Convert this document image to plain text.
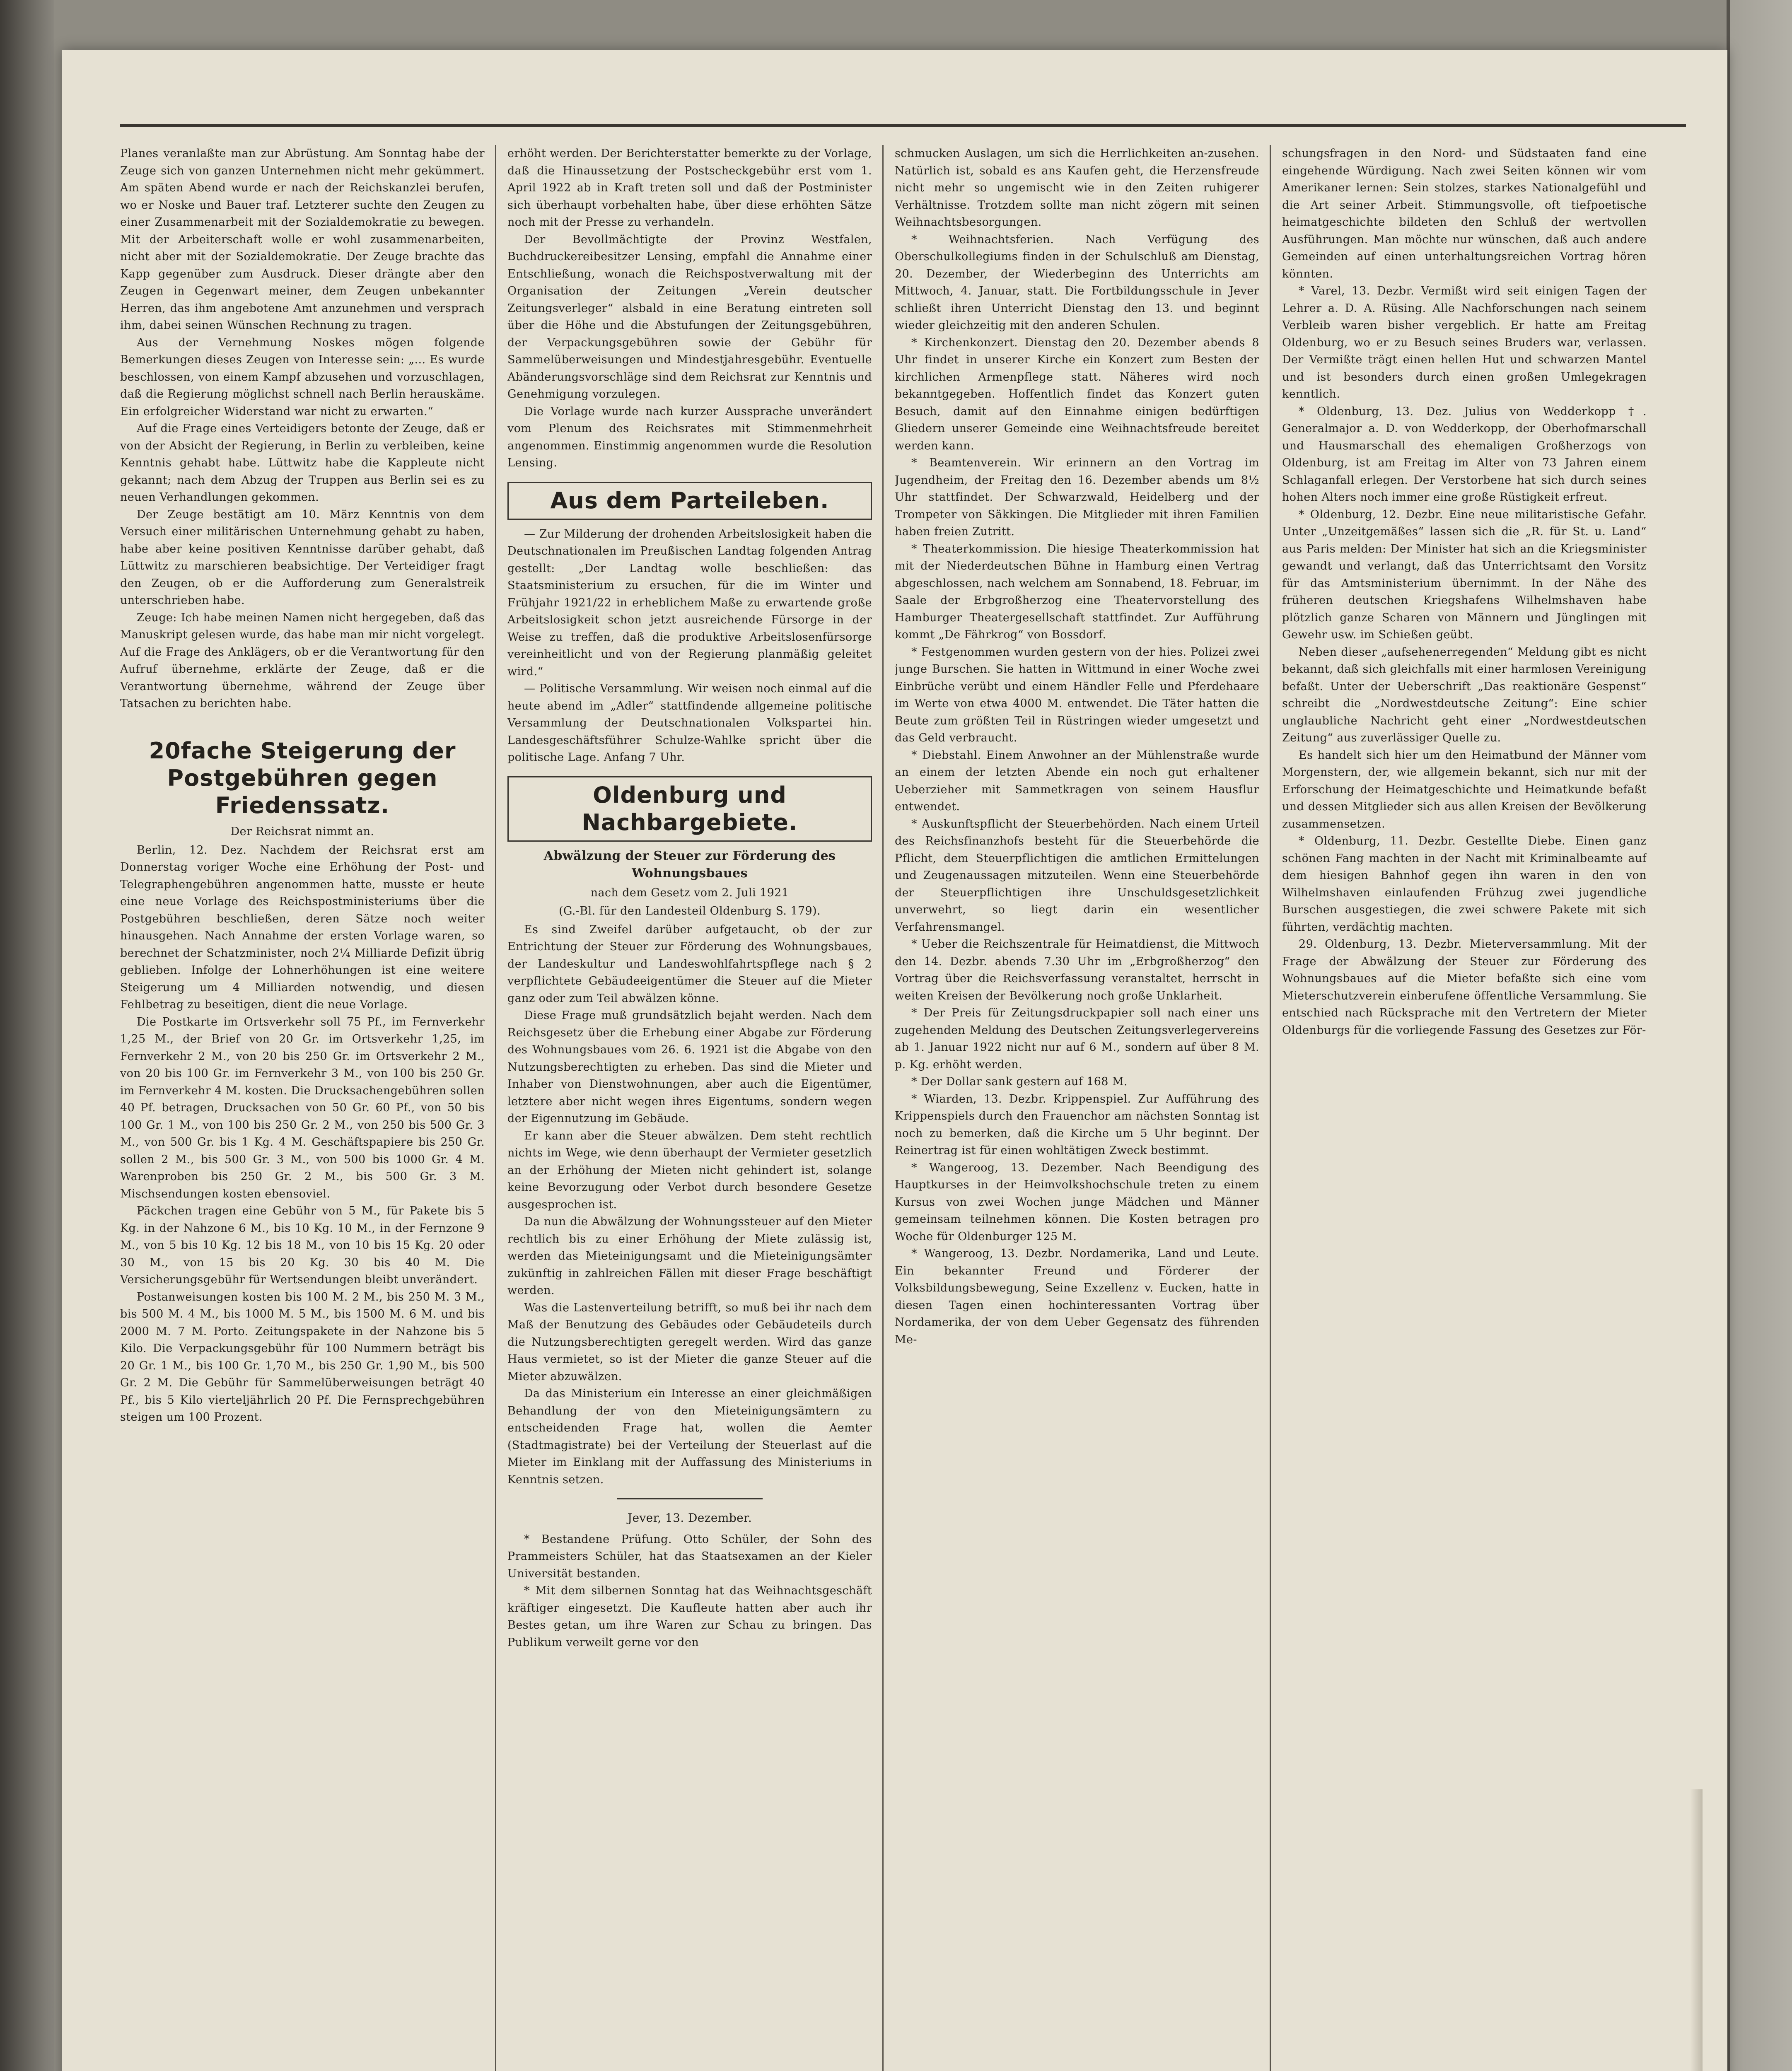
Planes veranlaßte man zur Abrüstung. Am Sonntag habe der Zeuge sich von ganzen Unternehmen nicht mehr gekümmert. Am späten Abend wurde er nach der Reichskanzlei berufen, wo er Noske und Bauer traf. Letzterer suchte den Zeugen zu einer Zusammenarbeit mit der Sozialdemokratie zu bewegen. Mit der Arbeiterschaft wolle er wohl zusammenarbeiten, nicht aber mit der Sozialdemokratie. Der Zeuge brachte das Kapp gegenüber zum Ausdruck. Dieser drängte aber den Zeugen in Gegenwart meiner, dem Zeugen unbekannter Herren, das ihm angebotene Amt anzunehmen und versprach ihm, dabei seinen Wünschen Rechnung zu tragen.

Aus der Vernehmung Noskes mögen folgende Bemerkungen dieses Zeugen von Interesse sein: „... Es wurde beschlossen, von einem Kampf abzusehen und vorzuschlagen, daß die Regierung möglichst schnell nach Berlin herauskäme. Ein erfolgreicher Widerstand war nicht zu erwarten.“

Auf die Frage eines Verteidigers betonte der Zeuge, daß er von der Absicht der Regierung, in Berlin zu verbleiben, keine Kenntnis gehabt habe. Lüttwitz habe die Kappleute nicht gekannt; nach dem Abzug der Truppen aus Berlin sei es zu neuen Verhandlungen gekommen.

Der Zeuge bestätigt am 10. März Kenntnis von dem Versuch einer militärischen Unternehmung gehabt zu haben, habe aber keine positiven Kenntnisse darüber gehabt, daß Lüttwitz zu marschieren beabsichtige. Der Verteidiger fragt den Zeugen, ob er die Aufforderung zum Generalstreik unterschrieben habe.

Zeuge: Ich habe meinen Namen nicht hergegeben, daß das Manuskript gelesen wurde, das habe man mir nicht vorgelegt. Auf die Frage des Anklägers, ob er die Verantwortung für den Aufruf übernehme, erklärte der Zeuge, daß er die Verantwortung übernehme, während der Zeuge über Tatsachen zu berichten habe.

20fache Steigerung der Postgebühren gegen Friedenssatz.
Der Reichsrat nimmt an.

Berlin, 12. Dez. Nachdem der Reichsrat erst am Donnerstag voriger Woche eine Erhöhung der Post- und Telegraphengebühren angenommen hatte, musste er heute eine neue Vorlage des Reichspostministeriums über die Postgebühren beschließen, deren Sätze noch weiter hinausgehen. Nach Annahme der ersten Vorlage waren, so berechnet der Schatzminister, noch 2¼ Milliarde Defizit übrig geblieben. Infolge der Lohnerhöhungen ist eine weitere Steigerung um 4 Milliarden notwendig, und diesen Fehlbetrag zu beseitigen, dient die neue Vorlage.

Die Postkarte im Ortsverkehr soll 75 Pf., im Fernverkehr 1,25 M., der Brief von 20 Gr. im Ortsverkehr 1,25, im Fernverkehr 2 M., von 20 bis 250 Gr. im Ortsverkehr 2 M., von 20 bis 100 Gr. im Fernverkehr 3 M., von 100 bis 250 Gr. im Fernverkehr 4 M. kosten. Die Drucksachengebühren sollen 40 Pf. betragen, Drucksachen von 50 Gr. 60 Pf., von 50 bis 100 Gr. 1 M., von 100 bis 250 Gr. 2 M., von 250 bis 500 Gr. 3 M., von 500 Gr. bis 1 Kg. 4 M. Geschäftspapiere bis 250 Gr. sollen 2 M., bis 500 Gr. 3 M., von 500 bis 1000 Gr. 4 M. Warenproben bis 250 Gr. 2 M., bis 500 Gr. 3 M. Mischsendungen kosten ebensoviel.

Päckchen tragen eine Gebühr von 5 M., für Pakete bis 5 Kg. in der Nahzone 6 M., bis 10 Kg. 10 M., in der Fernzone 9 M., von 5 bis 10 Kg. 12 bis 18 M., von 10 bis 15 Kg. 20 oder 30 M., von 15 bis 20 Kg. 30 bis 40 M. Die Versicherungsgebühr für Wertsendungen bleibt unverändert.

Postanweisungen kosten bis 100 M. 2 M., bis 250 M. 3 M., bis 500 M. 4 M., bis 1000 M. 5 M., bis 1500 M. 6 M. und bis 2000 M. 7 M. Porto. Zeitungspakete in der Nahzone bis 5 Kilo. Die Verpackungsgebühr für 100 Nummern beträgt bis 20 Gr. 1 M., bis 100 Gr. 1,70 M., bis 250 Gr. 1,90 M., bis 500 Gr. 2 M. Die Gebühr für Sammelüberweisungen beträgt 40 Pf., bis 5 Kilo vierteljährlich 20 Pf. Die Fernsprechgebühren steigen um 100 Prozent.

erhöht werden. Der Berichterstatter bemerkte zu der Vorlage, daß die Hinaussetzung der Postscheckgebühr erst vom 1. April 1922 ab in Kraft treten soll und daß der Postminister sich überhaupt vorbehalten habe, über diese erhöhten Sätze noch mit der Presse zu verhandeln.

Der Bevollmächtigte der Provinz Westfalen, Buchdruckereibesitzer Lensing, empfahl die Annahme einer Entschließung, wonach die Reichspostverwaltung mit der Organisation der Zeitungen „Verein deutscher Zeitungsverleger“ alsbald in eine Beratung eintreten soll über die Höhe und die Abstufungen der Zeitungsgebühren, der Verpackungsgebühren sowie der Gebühr für Sammelüberweisungen und Mindestjahresgebühr. Eventuelle Abänderungsvorschläge sind dem Reichsrat zur Kenntnis und Genehmigung vorzulegen.

Die Vorlage wurde nach kurzer Aussprache unverändert vom Plenum des Reichsrates mit Stimmenmehrheit angenommen. Einstimmig angenommen wurde die Resolution Lensing.

Aus dem Parteileben.

— Zur Milderung der drohenden Arbeitslosigkeit haben die Deutschnationalen im Preußischen Landtag folgenden Antrag gestellt: „Der Landtag wolle beschließen: das Staatsministerium zu ersuchen, für die im Winter und Frühjahr 1921/22 in erheblichem Maße zu erwartende große Arbeitslosigkeit schon jetzt ausreichende Fürsorge in der Weise zu treffen, daß die produktive Arbeitslosenfürsorge vereinheitlicht und von der Regierung planmäßig geleitet wird.“

— Politische Versammlung. Wir weisen noch einmal auf die heute abend im „Adler“ stattfindende allgemeine politische Versammlung der Deutschnationalen Volkspartei hin. Landesgeschäftsführer Schulze-Wahlke spricht über die politische Lage. Anfang 7 Uhr.

Oldenburg und Nachbargebiete.
Abwälzung der Steuer zur Förderung des Wohnungsbaues
nach dem Gesetz vom 2. Juli 1921
(G.-Bl. für den Landesteil Oldenburg S. 179).

Es sind Zweifel darüber aufgetaucht, ob der zur Entrichtung der Steuer zur Förderung des Wohnungsbaues, der Landeskultur und Landeswohlfahrtspflege nach § 2 verpflichtete Gebäudeeigentümer die Steuer auf die Mieter ganz oder zum Teil abwälzen könne.

Diese Frage muß grundsätzlich bejaht werden. Nach dem Reichsgesetz über die Erhebung einer Abgabe zur Förderung des Wohnungsbaues vom 26. 6. 1921 ist die Abgabe von den Nutzungsberechtigten zu erheben. Das sind die Mieter und Inhaber von Dienstwohnungen, aber auch die Eigentümer, letztere aber nicht wegen ihres Eigentums, sondern wegen der Eigennutzung im Gebäude.

Er kann aber die Steuer abwälzen. Dem steht rechtlich nichts im Wege, wie denn überhaupt der Vermieter gesetzlich an der Erhöhung der Mieten nicht gehindert ist, solange keine Bevorzugung oder Verbot durch besondere Gesetze ausgesprochen ist.

Da nun die Abwälzung der Wohnungssteuer auf den Mieter rechtlich bis zu einer Erhöhung der Miete zulässig ist, werden das Mieteinigungsamt und die Mieteinigungsämter zukünftig in zahlreichen Fällen mit dieser Frage beschäftigt werden.

Was die Lastenverteilung betrifft, so muß bei ihr nach dem Maß der Benutzung des Gebäudes oder Gebäudeteils durch die Nutzungsberechtigten geregelt werden. Wird das ganze Haus vermietet, so ist der Mieter die ganze Steuer auf die Mieter abzuwälzen.

Da das Ministerium ein Interesse an einer gleichmäßigen Behandlung der von den Mieteinigungsämtern zu entscheidenden Frage hat, wollen die Aemter (Stadtmagistrate) bei der Verteilung der Steuerlast auf die Mieter im Einklang mit der Auffassung des Ministeriums in Kenntnis setzen.

Jever, 13. Dezember.

* Bestandene Prüfung. Otto Schüler, der Sohn des Prammeisters Schüler, hat das Staatsexamen an der Kieler Universität bestanden.

* Mit dem silbernen Sonntag hat das Weihnachtsgeschäft kräftiger eingesetzt. Die Kaufleute hatten aber auch ihr Bestes getan, um ihre Waren zur Schau zu bringen. Das Publikum verweilt gerne vor den

schmucken Auslagen, um sich die Herrlichkeiten an-zusehen. Natürlich ist, sobald es ans Kaufen geht, die Herzensfreude nicht mehr so ungemischt wie in den Zeiten ruhigerer Verhältnisse. Trotzdem sollte man nicht zögern mit seinen Weihnachtsbesorgungen.

* Weihnachtsferien. Nach Verfügung des Oberschulkollegiums finden in der Schulschluß am Dienstag, 20. Dezember, der Wiederbeginn des Unterrichts am Mittwoch, 4. Januar, statt. Die Fortbildungsschule in Jever schließt ihren Unterricht Dienstag den 13. und beginnt wieder gleichzeitig mit den anderen Schulen.

* Kirchenkonzert. Dienstag den 20. Dezember abends 8 Uhr findet in unserer Kirche ein Konzert zum Besten der kirchlichen Armenpflege statt. Näheres wird noch bekanntgegeben. Hoffentlich findet das Konzert guten Besuch, damit auf den Einnahme einigen bedürftigen Gliedern unserer Gemeinde eine Weihnachtsfreude bereitet werden kann.

* Beamtenverein. Wir erinnern an den Vortrag im Jugendheim, der Freitag den 16. Dezember abends um 8½ Uhr stattfindet. Der Schwarzwald, Heidelberg und der Trompeter von Säkkingen. Die Mitglieder mit ihren Familien haben freien Zutritt.

* Theaterkommission. Die hiesige Theaterkommission hat mit der Niederdeutschen Bühne in Hamburg einen Vertrag abgeschlossen, nach welchem am Sonnabend, 18. Februar, im Saale der Erbgroßherzog eine Theatervorstellung des Hamburger Theatergesellschaft stattfindet. Zur Aufführung kommt „De Fährkrog“ von Bossdorf.

* Festgenommen wurden gestern von der hies. Polizei zwei junge Burschen. Sie hatten in Wittmund in einer Woche zwei Einbrüche verübt und einem Händler Felle und Pferdehaare im Werte von etwa 4000 M. entwendet. Die Täter hatten die Beute zum größten Teil in Rüstringen wieder umgesetzt und das Geld verbraucht.

* Diebstahl. Einem Anwohner an der Mühlenstraße wurde an einem der letzten Abende ein noch gut erhaltener Ueberzieher mit Sammetkragen von seinem Hausflur entwendet.

* Auskunftspflicht der Steuerbehörden. Nach einem Urteil des Reichsfinanzhofs besteht für die Steuerbehörde die Pflicht, dem Steuerpflichtigen die amtlichen Ermittelungen und Zeugenaussagen mitzuteilen. Wenn eine Steuerbehörde der Steuerpflichtigen ihre Unschuldsgesetzlichkeit unverwehrt, so liegt darin ein wesentlicher Verfahrensmangel.

* Ueber die Reichszentrale für Heimatdienst, die Mittwoch den 14. Dezbr. abends 7.30 Uhr im „Erbgroßherzog“ den Vortrag über die Reichsverfassung veranstaltet, herrscht in weiten Kreisen der Bevölkerung noch große Unklarheit.

* Der Preis für Zeitungsdruckpapier soll nach einer uns zugehenden Meldung des Deutschen Zeitungsverlegervereins ab 1. Januar 1922 nicht nur auf 6 M., sondern auf über 8 M. p. Kg. erhöht werden.

* Der Dollar sank gestern auf 168 M.

* Wiarden, 13. Dezbr. Krippenspiel. Zur Aufführung des Krippenspiels durch den Frauenchor am nächsten Sonntag ist noch zu bemerken, daß die Kirche um 5 Uhr beginnt. Der Reinertrag ist für einen wohltätigen Zweck bestimmt.

* Wangeroog, 13. Dezember. Nach Beendigung des Hauptkurses in der Heimvolkshochschule treten zu einem Kursus von zwei Wochen junge Mädchen und Männer gemeinsam teilnehmen können. Die Kosten betragen pro Woche für Oldenburger 125 M.

* Wangeroog, 13. Dezbr. Nordamerika, Land und Leute. Ein bekannter Freund und Förderer der Volksbildungsbewegung, Seine Exzellenz v. Eucken, hatte in diesen Tagen einen hochinteressanten Vortrag über Nordamerika, der von dem Ueber Gegensatz des führenden Me-

schungsfragen in den Nord- und Südstaaten fand eine eingehende Würdigung. Nach zwei Seiten können wir vom Amerikaner lernen: Sein stolzes, starkes Nationalgefühl und die Art seiner Arbeit. Stimmungsvolle, oft tiefpoetische heimatgeschichte bildeten den Schluß der wertvollen Ausführungen. Man möchte nur wünschen, daß auch andere Gemeinden auf einen unterhaltungsreichen Vortrag hören könnten.

* Varel, 13. Dezbr. Vermißt wird seit einigen Tagen der Lehrer a. D. A. Rüsing. Alle Nachforschungen nach seinem Verbleib waren bisher vergeblich. Er hatte am Freitag Oldenburg, wo er zu Besuch seines Bruders war, verlassen. Der Vermißte trägt einen hellen Hut und schwarzen Mantel und ist besonders durch einen großen Umlegekragen kenntlich.

* Oldenburg, 13. Dez. Julius von Wedderkopp †. Generalmajor a. D. von Wedderkopp, der Oberhofmarschall und Hausmarschall des ehemaligen Großherzogs von Oldenburg, ist am Freitag im Alter von 73 Jahren einem Schlaganfall erlegen. Der Verstorbene hat sich durch seines hohen Alters noch immer eine große Rüstigkeit erfreut.

* Oldenburg, 12. Dezbr. Eine neue militaristische Gefahr. Unter „Unzeitgemäßes“ lassen sich die „R. für St. u. Land“ aus Paris melden: Der Minister hat sich an die Kriegsminister gewandt und verlangt, daß das Unterrichtsamt den Vorsitz für das Amtsministerium übernimmt. In der Nähe des früheren deutschen Kriegshafens Wilhelmshaven habe plötzlich ganze Scharen von Männern und Jünglingen mit Gewehr usw. im Schießen geübt.

Neben dieser „aufsehenerregenden“ Meldung gibt es nicht bekannt, daß sich gleichfalls mit einer harmlosen Vereinigung befaßt. Unter der Ueberschrift „Das reaktionäre Gespenst“ schreibt die „Nordwestdeutsche Zeitung“: Eine schier unglaubliche Nachricht geht einer „Nordwestdeutschen Zeitung“ aus zuverlässiger Quelle zu.

Es handelt sich hier um den Heimatbund der Männer vom Morgenstern, der, wie allgemein bekannt, sich nur mit der Erforschung der Heimatgeschichte und Heimatkunde befaßt und dessen Mitglieder sich aus allen Kreisen der Bevölkerung zusammensetzen.

* Oldenburg, 11. Dezbr. Gestellte Diebe. Einen ganz schönen Fang machten in der Nacht mit Kriminalbeamte auf dem hiesigen Bahnhof gegen ihn waren in den von Wilhelmshaven einlaufenden Frühzug zwei jugendliche Burschen ausgestiegen, die zwei schwere Pakete mit sich führten, verdächtig machten.

29. Oldenburg, 13. Dezbr. Mieterversammlung. Mit der Frage der Abwälzung der Steuer zur Förderung des Wohnungsbaues auf die Mieter befaßte sich eine vom Mieterschutzverein einberufene öffentliche Versammlung. Sie entschied nach Rücksprache mit den Vertretern der Mieter Oldenburgs für die vorliegende Fassung des Gesetzes zur För-
